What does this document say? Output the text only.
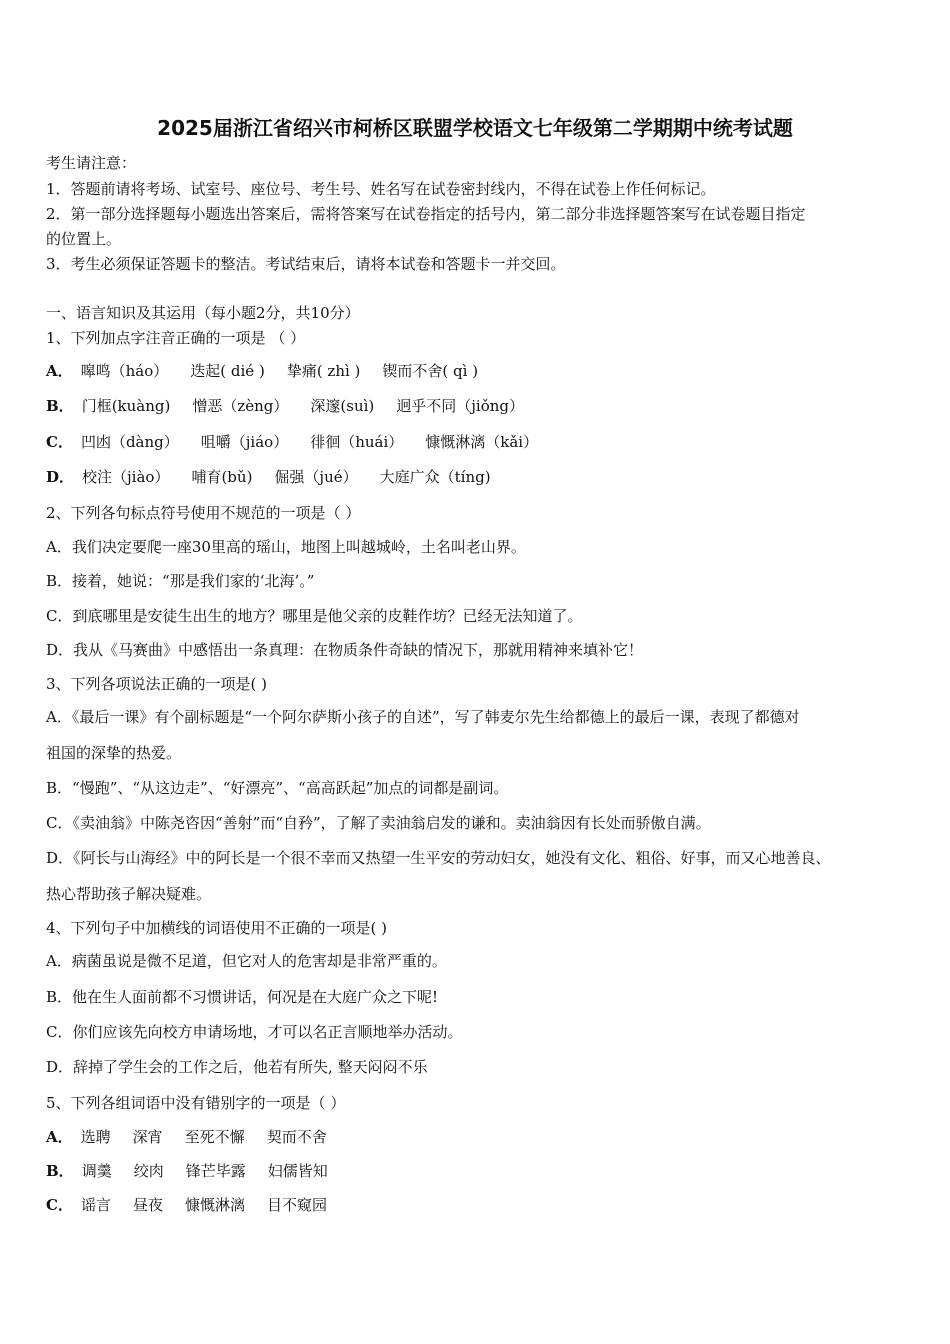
2025届浙江省绍兴市柯桥区联盟学校语文七年级第二学期期中统考试题
考生请注意：
1．答题前请将考场、试室号、座位号、考生号、姓名写在试卷密封线内，不得在试卷上作任何标记。
2．第一部分选择题每小题选出答案后，需将答案写在试卷指定的括号内，第二部分非选择题答案写在试卷题目指定
的位置上。
3．考生必须保证答题卡的整洁。考试结束后，请将本试卷和答题卡一并交回。
一、语言知识及其运用（每小题2分，共10分）
1、下列加点字注音正确的一项是 （ ）
A． 嗥鸣（háo） 迭起( dié ) 挚痛( zhì ) 锲而不舍( qì )
B． 门框(kuàng) 憎恶（zèng） 深邃(suì) 迥乎不同（jiǒng）
C． 凹凼（dàng） 咀嚼（jiáo） 徘徊（huái） 慷慨淋漓（kǎi）
D． 校注（jiào） 哺育(bǔ) 倔强（jué） 大庭广众（tíng)
2、下列各句标点符号使用不规范的一项是（ ）
A．我们决定要爬一座30里高的瑶山，地图上叫越城岭，土名叫老山界。
B．接着，她说：“那是我们家的‘北海’。”
C．到底哪里是安徒生出生的地方？哪里是他父亲的皮鞋作坊？已经无法知道了。
D．我从《马赛曲》中感悟出一条真理：在物质条件奇缺的情况下，那就用精神来填补它！
3、下列各项说法正确的一项是( )
A．《最后一课》有个副标题是“一个阿尔萨斯小孩子的自述”，写了韩麦尔先生给都德上的最后一课，表现了都德对
祖国的深挚的热爱。
B．“慢跑”、“从这边走”、“好漂亮”、“高高跃起”加点的词都是副词。
C．《卖油翁》中陈尧咨因“善射”而“自矜”，了解了卖油翁启发的谦和。卖油翁因有长处而骄傲自满。
D．《阿长与山海经》中的阿长是一个很不幸而又热望一生平安的劳动妇女，她没有文化、粗俗、好事，而又心地善良、
热心帮助孩子解决疑难。
4、下列句子中加横线的词语使用不正确的一项是( )
A．病菌虽说是微不足道，但它对人的危害却是非常严重的。
B．他在生人面前都不习惯讲话，何况是在大庭广众之下呢!
C．你们应该先向校方申请场地，才可以名正言顺地举办活动。
D．辞掉了学生会的工作之后，他若有所失, 整天闷闷不乐
5、下列各组词语中没有错别字的一项是（ ）
A． 选聘 深宵 至死不懈 契而不舍
B． 调羹 绞肉 锋芒毕露 妇儒皆知
C． 谣言 昼夜 慷慨淋漓 目不窥园
